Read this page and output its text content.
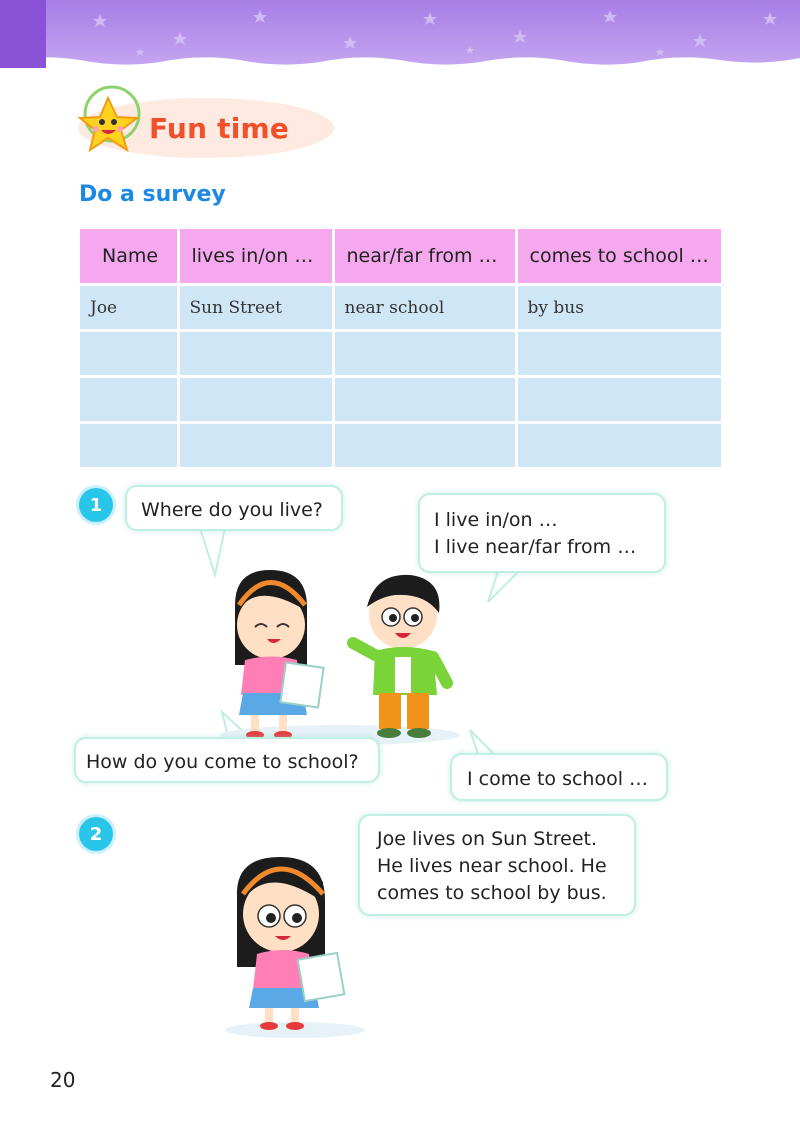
Fun time
Do a survey
Name	lives in/on …	near/far from …	comes to school …
Joe	Sun Street	near school	by bus

1	Where do you live?	I live in/on …
I live near/far from …
How do you come to school?
I come to school …
2	Joe lives on Sun Street.
He lives near school. He
comes to school by bus.
20
